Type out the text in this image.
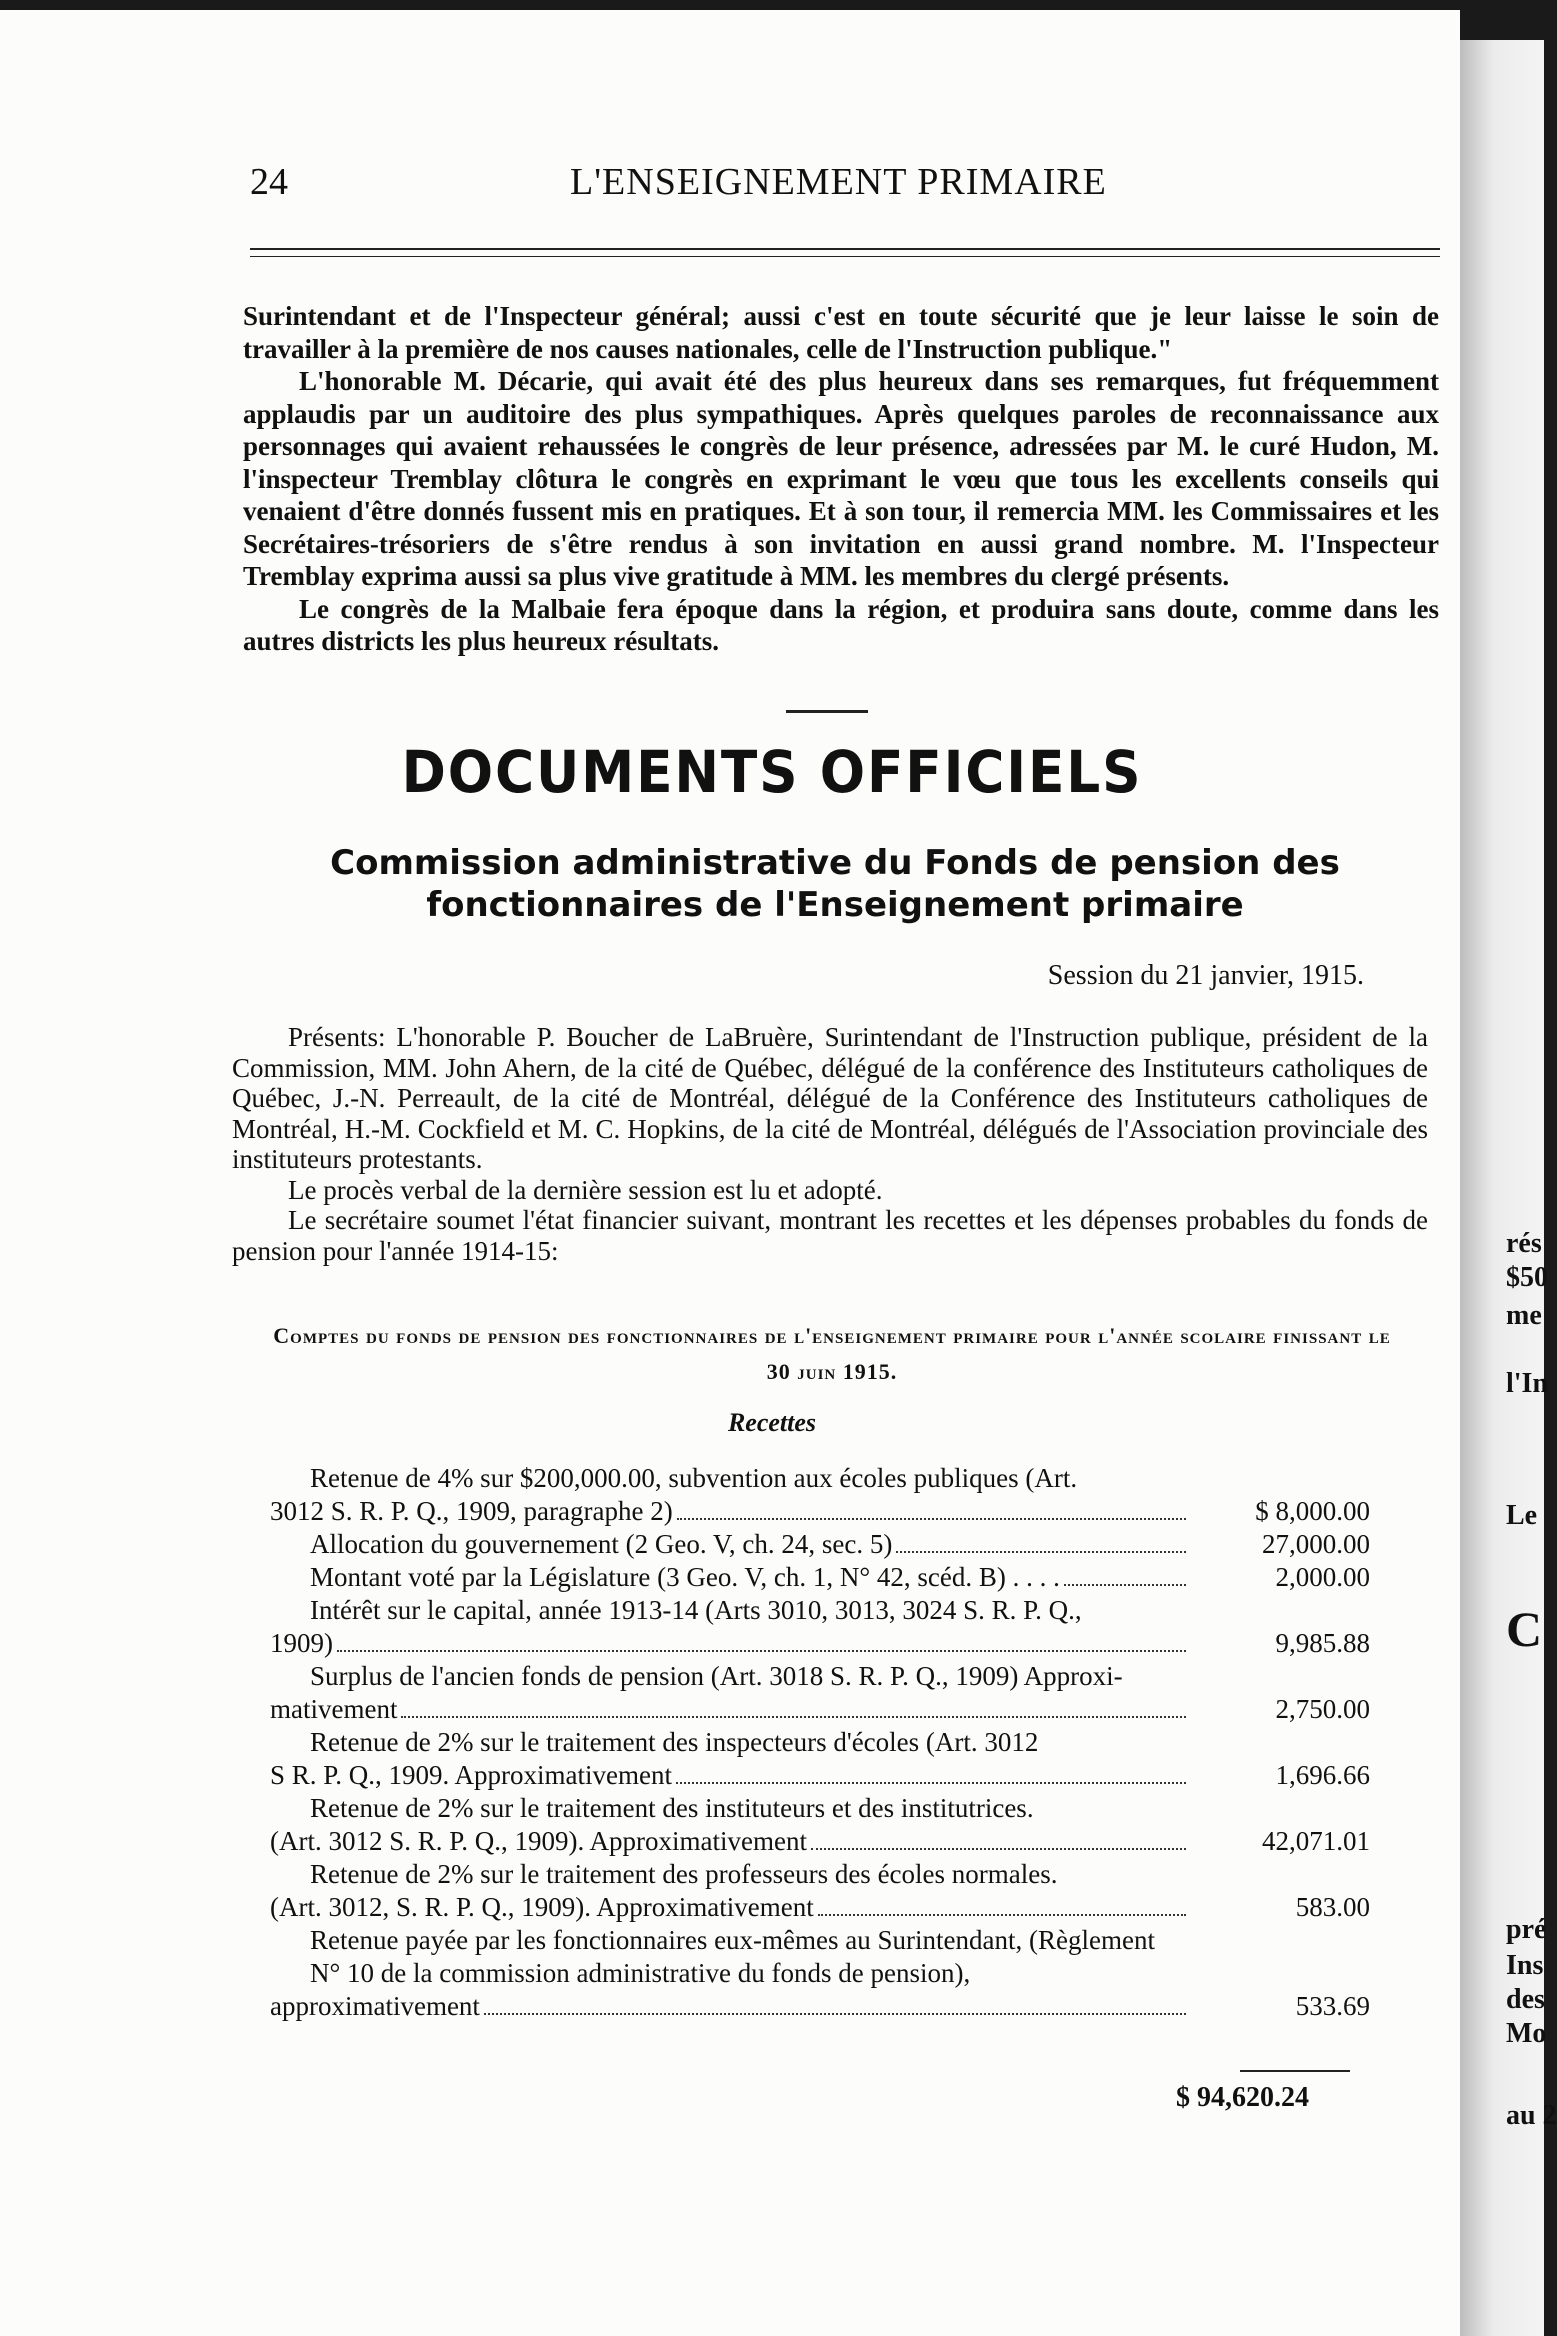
24	L'ENSEIGNEMENT PRIMAIRE

Surintendant et de l'Inspecteur général; aussi c'est en toute sécurité que je leur laisse le soin de travailler à la première de nos causes nationales, celle de l'Instruction publique."

L'honorable M. Décarie, qui avait été des plus heureux dans ses remarques, fut fréquemment applaudis par un auditoire des plus sympathiques. Après quelques paroles de reconnaissance aux personnages qui avaient rehaussées le congrès de leur présence, adressées par M. le curé Hudon, M. l'inspecteur Tremblay clôtura le congrès en exprimant le vœu que tous les excellents conseils qui venaient d'être donnés fussent mis en pratiques. Et à son tour, il remercia MM. les Commissaires et les Secrétaires-trésoriers de s'être rendus à son invitation en aussi grand nombre. M. l'Inspecteur Tremblay exprima aussi sa plus vive gratitude à MM. les membres du clergé présents.

Le congrès de la Malbaie fera époque dans la région, et produira sans doute, comme dans les autres districts les plus heureux résultats.

DOCUMENTS OFFICIELS
Commission administrative du Fonds de pension des fonctionnaires de l'Enseignement primaire
Session du 21 janvier, 1915.

Présents: L'honorable P. Boucher de LaBruère, Surintendant de l'Instruction publique, président de la Commission, MM. John Ahern, de la cité de Québec, délégué de la conférence des Instituteurs catholiques de Québec, J.-N. Perreault, de la cité de Montréal, délégué de la Conférence des Instituteurs catholiques de Montréal, H.-M. Cockfield et M. C. Hopkins, de la cité de Montréal, délégués de l'Association provinciale des instituteurs protestants.

Le procès verbal de la dernière session est lu et adopté.

Le secrétaire soumet l'état financier suivant, montrant les recettes et les dépenses probables du fonds de pension pour l'année 1914-15:

Comptes du fonds de pension des fonctionnaires de l'enseignement primaire pour l'année scolaire finissant le 30 juin 1915.
Recettes
Retenue de 4% sur $200,000.00, subvention aux écoles publiques (Art.
3012 S. R. P. Q., 1909, paragraphe 2)	$ 8,000.00
Allocation du gouvernement (2 Geo. V, ch. 24, sec. 5)	27,000.00
Montant voté par la Législature (3 Geo. V, ch. 1, N° 42, scéd. B) . . . .	2,000.00
Intérêt sur le capital, année 1913-14 (Arts 3010, 3013, 3024 S. R. P. Q.,
1909)	9,985.88
Surplus de l'ancien fonds de pension (Art. 3018 S. R. P. Q., 1909) Approxi-
mativement	2,750.00
Retenue de 2% sur le traitement des inspecteurs d'écoles (Art. 3012
S R. P. Q., 1909. Approximativement	1,696.66
Retenue de 2% sur le traitement des instituteurs et des institutrices.
(Art. 3012 S. R. P. Q., 1909). Approximativement	42,071.01
Retenue de 2% sur le traitement des professeurs des écoles normales.
(Art. 3012, S. R. P. Q., 1909). Approximativement	583.00
Retenue payée par les fonctionnaires eux-mêmes au Surintendant, (Règlement N° 10 de la commission administrative du fonds de pension),
approximativement	533.69
$ 94,620.24
rés
$50
me
l'In
Le
C
pré
Ins
des
Mo
au 2
